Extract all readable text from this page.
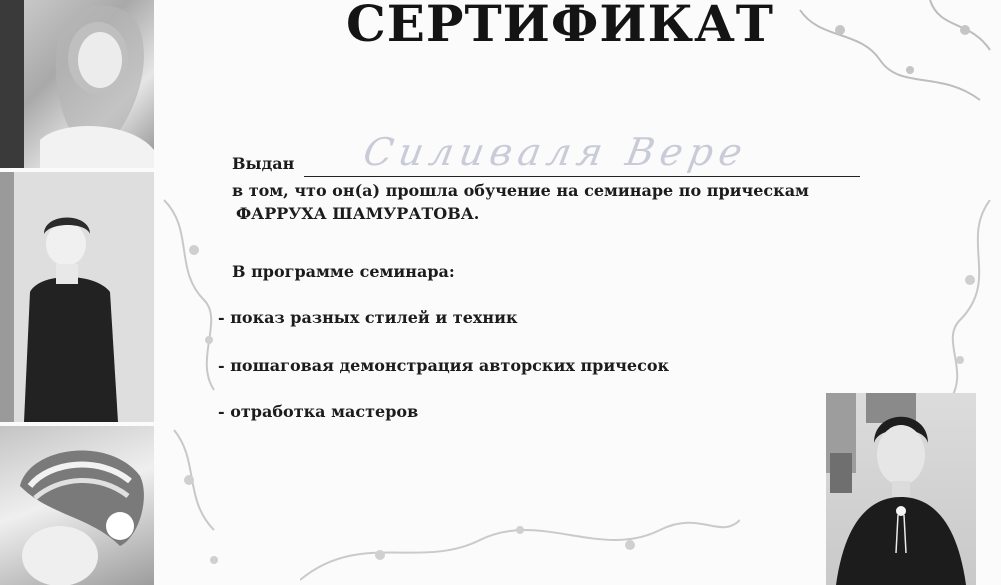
СЕРТИФИКАТ
Выдан Силиваля Вере
в том, что он(а) прошла обучение на семинаре по прическам
ФАРРУХА ШАМУРАТОВА.
В программе семинара:
- показ разных стилей и техник
- пошаговая демонстрация авторских причесок
- отработка мастеров
